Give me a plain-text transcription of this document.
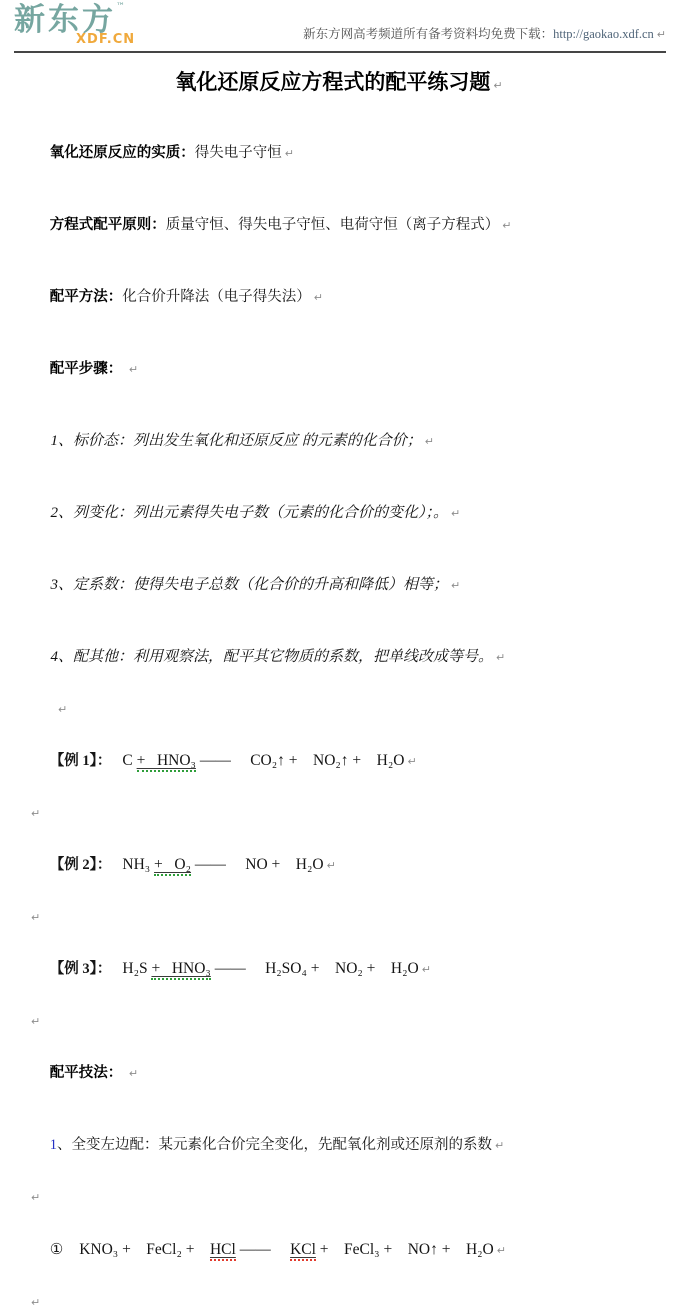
新东方™
XDF.CN	新东方网高考频道所有备考资料均免费下载：http://gaokao.xdf.cn ↵
氧化还原反应方程式的配平练习题 ↵

氧化还原反应的实质：得失电子守恒 ↵

方程式配平原则：质量守恒、得失电子守恒、电荷守恒（离子方程式） ↵

配平方法：化合价升降法（电子得失法） ↵

配平步骤： ↵

1、标价态：列出发生氧化和还原反应 的元素的化合价； ↵

2、列变化：列出元素得失电子数（元素的化合价的变化）；。 ↵

3、定系数：使得失电子总数（化合价的升高和降低）相等； ↵

4、配其他：利用观察法，配平其它物质的系数，把单线改成等号。 ↵

↵

【例 1】： C +   HNO₃ ——     CO₂↑ +    NO₂↑ +    H₂O ↵

↵

【例 2】： NH₃ +   O₂ ——     NO +    H₂O ↵

↵

【例 3】： H₂S +   HNO₃ ——     H₂SO₄ +    NO₂ +    H₂O ↵

↵

配平技法： ↵

1、全变左边配：某元素化合价完全变化，先配氧化剂或还原剂的系数 ↵

↵

① KNO₃ +    FeCl₂ +    HCl ——     KCl +    FeCl₃ +    NO↑ +    H₂O ↵

↵
